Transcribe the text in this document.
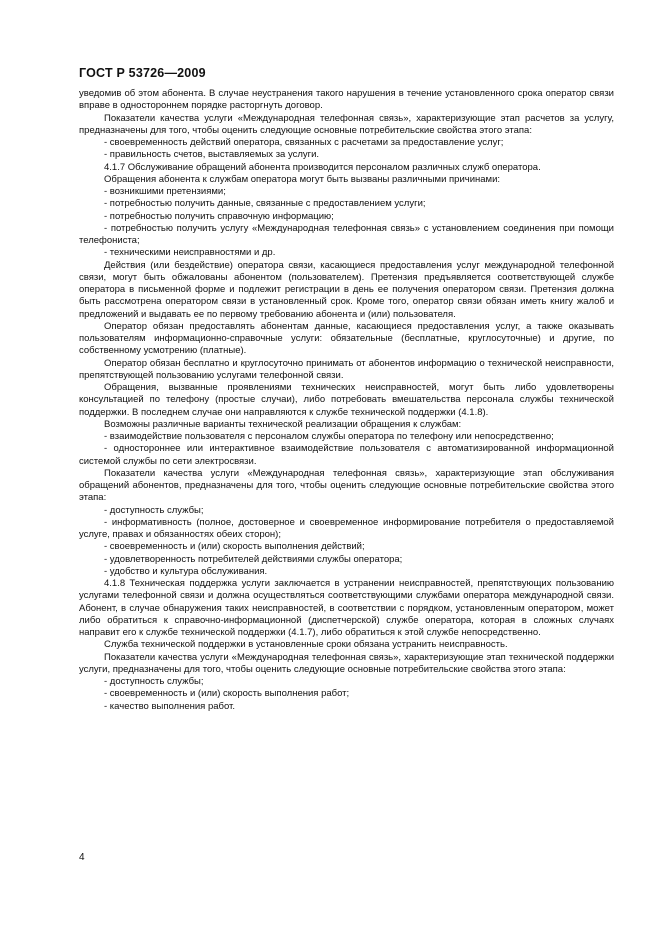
ГОСТ Р 53726—2009

уведомив об этом абонента. В случае неустранения такого нарушения в течение установленного срока оператор связи вправе в одностороннем порядке расторгнуть договор.

Показатели качества услуги «Международная телефонная связь», характеризующие этап расчетов за услугу, предназначены для того, чтобы оценить следующие основные потребительские свойства этого этапа:

- своевременность действий оператора, связанных с расчетами за предоставление услуг;

- правильность счетов, выставляемых за услуги.

4.1.7 Обслуживание обращений абонента производится персоналом различных служб оператора.

Обращения абонента к службам оператора могут быть вызваны различными причинами:

- возникшими претензиями;

- потребностью получить данные, связанные с предоставлением услуги;

- потребностью получить справочную информацию;

- потребностью получить услугу «Международная телефонная связь» с установлением соединения при помощи телефониста;

- техническими неисправностями и др.

Действия (или бездействие) оператора связи, касающиеся предоставления услуг международной телефонной связи, могут быть обжалованы абонентом (пользователем). Претензия предъявляется соответствующей службе оператора в письменной форме и подлежит регистрации в день ее получения оператором связи. Претензия должна быть рассмотрена оператором связи в установленный срок. Кроме того, оператор связи обязан иметь книгу жалоб и предложений и выдавать ее по первому требованию абонента и (или) пользователя.

Оператор обязан предоставлять абонентам данные, касающиеся предоставления услуг, а также оказывать пользователям информационно-справочные услуги: обязательные (бесплатные, круглосуточные) и другие, по собственному усмотрению (платные).

Оператор обязан бесплатно и круглосуточно принимать от абонентов информацию о технической неисправности, препятствующей пользованию услугами телефонной связи.

Обращения, вызванные проявлениями технических неисправностей, могут быть либо удовлетворены консультацией по телефону (простые случаи), либо потребовать вмешательства персонала службы технической поддержки. В последнем случае они направляются к службе технической поддержки (4.1.8).

Возможны различные варианты технической реализации обращения к службам:

- взаимодействие пользователя с персоналом службы оператора по телефону или непосредственно;

- одностороннее или интерактивное взаимодействие пользователя с автоматизированной информационной системой службы по сети электросвязи.

Показатели качества услуги «Международная телефонная связь», характеризующие этап обслуживания обращений абонентов, предназначены для того, чтобы оценить следующие основные потребительские свойства этого этапа:

- доступность службы;

- информативность (полное, достоверное и своевременное информирование потребителя о предоставляемой услуге, правах и обязанностях обеих сторон);

- своевременность и (или) скорость выполнения действий;

- удовлетворенность потребителей действиями службы оператора;

- удобство и культура обслуживания.

4.1.8 Техническая поддержка услуги заключается в устранении неисправностей, препятствующих пользованию услугами телефонной связи и должна осуществляться соответствующими службами оператора международной связи. Абонент, в случае обнаружения таких неисправностей, в соответствии с порядком, установленным оператором, может либо обратиться к справочно-информационной (диспетчерской) службе оператора, которая в сложных случаях направит его к службе технической поддержки (4.1.7), либо обратиться к этой службе непосредственно.

Служба технической поддержки в установленные сроки обязана устранить неисправность.

Показатели качества услуги «Международная телефонная связь», характеризующие этап технической поддержки услуги, предназначены для того, чтобы оценить следующие основные потребительские свойства этого этапа:

- доступность службы;

- своевременность и (или) скорость выполнения работ;

- качество выполнения работ.

4
